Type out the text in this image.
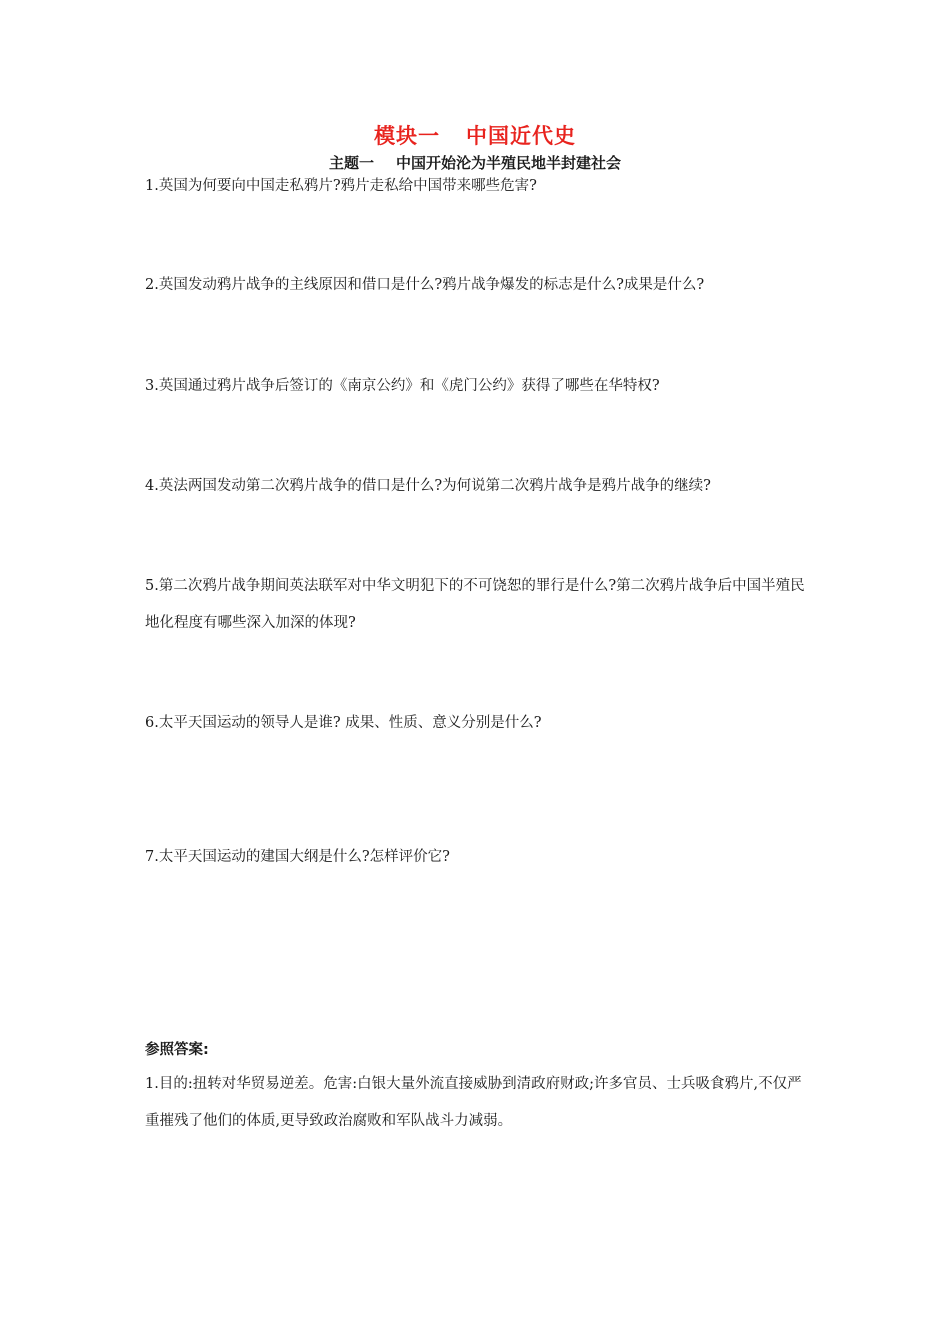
模块一 中国近代史
主题一 中国开始沦为半殖民地半封建社会

1.英国为何要向中国走私鸦片?鸦片走私给中国带来哪些危害?

2.英国发动鸦片战争的主线原因和借口是什么?鸦片战争爆发的标志是什么?成果是什么?

3.英国通过鸦片战争后签订的《南京公约》和《虎门公约》获得了哪些在华特权?

4.英法两国发动第二次鸦片战争的借口是什么?为何说第二次鸦片战争是鸦片战争的继续?

5.第二次鸦片战争期间英法联军对中华文明犯下的不可饶恕的罪行是什么?第二次鸦片战争后中国半殖民地化程度有哪些深入加深的体现?

6.太平天国运动的领导人是谁? 成果、性质、意义分别是什么?

7.太平天国运动的建国大纲是什么?怎样评价它?

参照答案:

1.目的:扭转对华贸易逆差。危害:白银大量外流直接威胁到清政府财政;许多官员、士兵吸食鸦片,不仅严重摧残了他们的体质,更导致政治腐败和军队战斗力减弱。
